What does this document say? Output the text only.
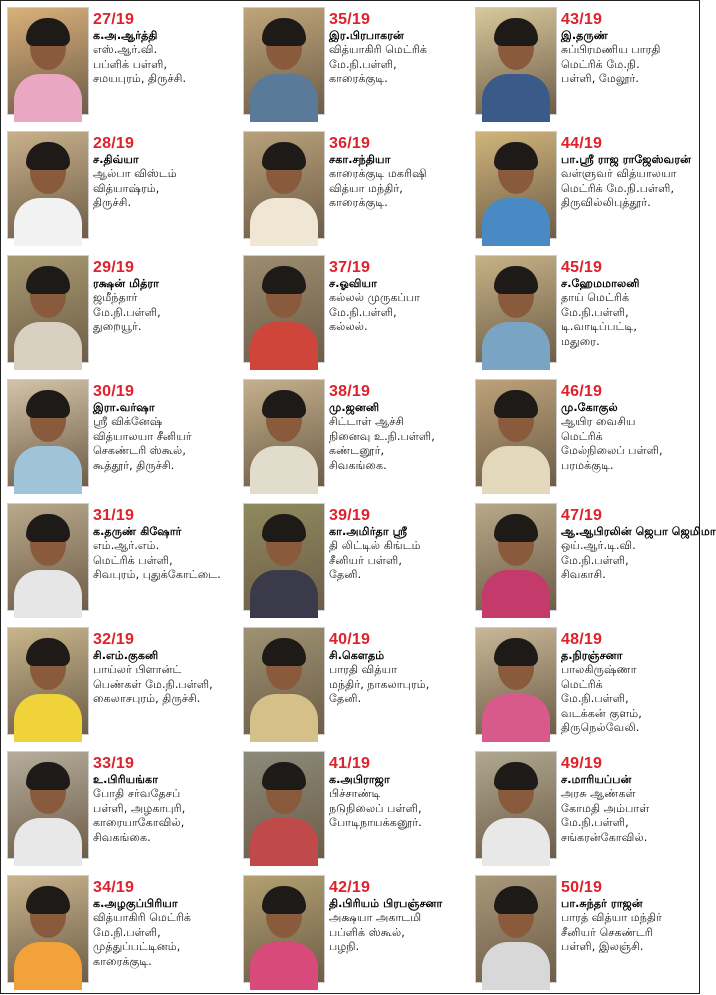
27/19
க.அ.ஆர்த்தி
எஸ்.ஆர்.வி.
பப்ளிக் பள்ளி,
சமயபுரம், திருச்சி.
35/19
இர.பிரபாகரன்
வித்யாகிரி மெட்ரிக்
மே.நி.பள்ளி,
காரைக்குடி.
43/19
இ.தருண்
சுப்பிரமணிய பாரதி
மெட்ரிக் மே.நி.
பள்ளி, மேலூர்.
28/19
ச.திவ்யா
ஆல்பா விஸ்டம்
வித்யாஷ்ரம்,
திருச்சி.
36/19
சகா.சந்தியா
காரைக்குடி மகரிஷி
வித்யா மந்திர்,
காரைக்குடி.
44/19
பா.ஸ்ரீ ராஜ ராஜேஸ்வரன்
வள்ளுவர் வித்யாலயா
மெட்ரிக் மே.நி.பள்ளி,
திருவில்லிபுத்தூர்.
29/19
ரக்ஷன் மித்ரா
ஜமீந்தார்
மே.நி.பள்ளி,
துறையூர்.
37/19
ச.ஓவியா
கல்லல் முருகப்பா
மே.நி.பள்ளி,
கல்லல்.
45/19
ச.ஹேமமாலனி
தாய் மெட்ரிக்
மே.நி.பள்ளி,
டி.வாடிப்பட்டி,
மதுரை.
30/19
இரா.வர்ஷா
ஸ்ரீ விக்னேஷ்
வித்யாலயா சீனியர்
செகண்டரி ஸ்கூல்,
கூத்தூர், திருச்சி.
38/19
மு.ஜனனி
சிட்டாள் ஆச்சி
நினைவு உ.நி.பள்ளி,
கண்டனூர்,
சிவகங்கை.
46/19
மு.கோகுல்
ஆயிர வைசிய
மெட்ரிக்
மேல்நிலைப் பள்ளி,
பரமக்குடி.
31/19
க.தருண் கிஷோர்
எம்.ஆர்.எம்.
மெட்ரிக் பள்ளி,
சிவபுரம், புதுக்கோட்டை.
39/19
கா.அமிர்தா ஸ்ரீ
தி லிட்டில் கிங்டம்
சீனியர் பள்ளி,
தேனி.
47/19
ஆ.ஆபிரலின் ஜெபா ஜெமிமா
ஒய்.ஆர்.டி.வி.
மே.நி.பள்ளி,
சிவகாசி.
32/19
சி.எம்.குகனி
பாய்லர் பிளான்ட்
பெண்கள் மே.நி.பள்ளி,
கைலாசபுரம், திருச்சி.
40/19
சி.கௌதம்
பாரதி வித்யா
மந்திர், நாகலாபுரம்,
தேனி.
48/19
த.நிரஞ்சனா
பாலகிருஷ்ணா
மெட்ரிக்
மே.நி.பள்ளி,
வடக்கன் குளம்,
திருநெல்வேலி.
33/19
உ.பிரியங்கா
போதி சர்வதேசப்
பள்ளி, அழகாபுரி,
காரையாகோவில்,
சிவகங்கை.
41/19
க.அபிராஜா
பிச்சாண்டி
நடுநிலைப் பள்ளி,
போடிநாயக்கனூர்.
49/19
ச.மாரியப்பன்
அரசு ஆண்கள்
கோமதி அம்பாள்
மே.நி.பள்ளி,
சங்கரன்கோவில்.
34/19
க.அழகுப்பிரியா
வித்யாகிரி மெட்ரிக்
மே.நி.பள்ளி,
முத்துப்பட்டினம்,
காரைக்குடி.
42/19
தி.பிரியம் பிரபஞ்சனா
அக்ஷயா அகாடமி
பப்ளிக் ஸ்கூல்,
பழநி.
50/19
பா.சுந்தர் ராஜன்
பாரத் வித்யா மந்திர்
சீனியர் செகண்டரி
பள்ளி, இலஞ்சி.
